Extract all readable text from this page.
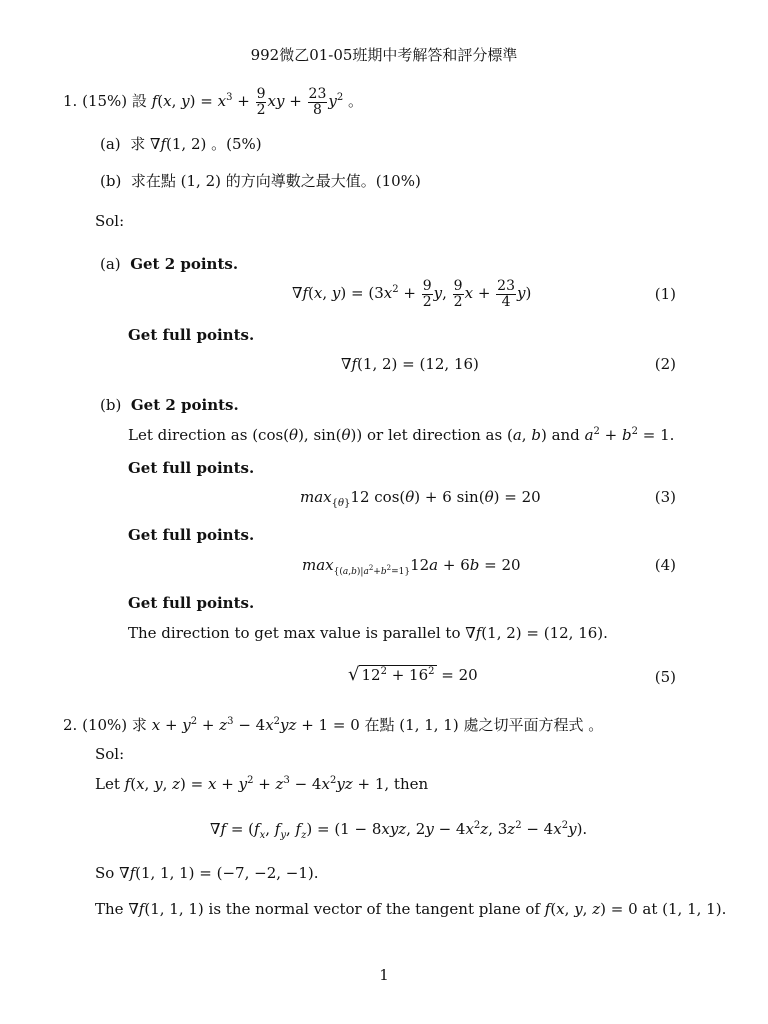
992微乙01-05班期中考解答和評分標準
1. (15%) 設 f(x, $y) = x^3 + \frac{9}{2}$ xy + $\frac{23}{8} y^2$ 。
(a) 求 ∇f(1, 2) 。(5%)
(b) 求在點 (1, 2) 的方向導數之最大值。(10%)
Sol:
(a) Get 2 points.
∇f(x, $y) = (3x^2 + \frac{9}{2} y$, $\frac{9}{2}$ $x + \frac{23}{4} y$)	(1)
Get full points.
∇f(1, 2) = (12, 16)	(2)
(b) Get 2 points.
Let direction as (cos(θ), sin(θ)) or let direction as (a, b) and $a^2 + b^2 = 1$.
Get full points.
$\max_{\{\theta\}}12$ cos(θ) + 6 sin(θ) = 20	(3)
Get full points.
$\max_{\{(a,b)|a^2+b^2=1\}}12a + 6b = 20$	(4)
Get full points.
The direction to get max value is parallel to ∇f(1, 2) = (12, 16).
√ $12^2 + 16^2 = 20$	(5)
2. (10%) 求 $x + y^2 + z^3 - 4x^2yz + 1 = 0$ 在點 (1, 1, 1) 處之切平面方程式 。
Sol:
Let f(x, y, $z) = x + y^2 + z^3 - 4x^2yz + 1$, then
$\nabla f = (f_x$, $f_y$, $f_z) = (1 - 8xyz$, $2y - 4x^2z$, $3z^2 - 4x^2y$).
So ∇f(1, 1, 1) = (−7, −2, −1).
The ∇f(1, 1, 1) is the normal vector of the tangent plane of f(x, y, z) = 0 at (1, 1, 1).
1
